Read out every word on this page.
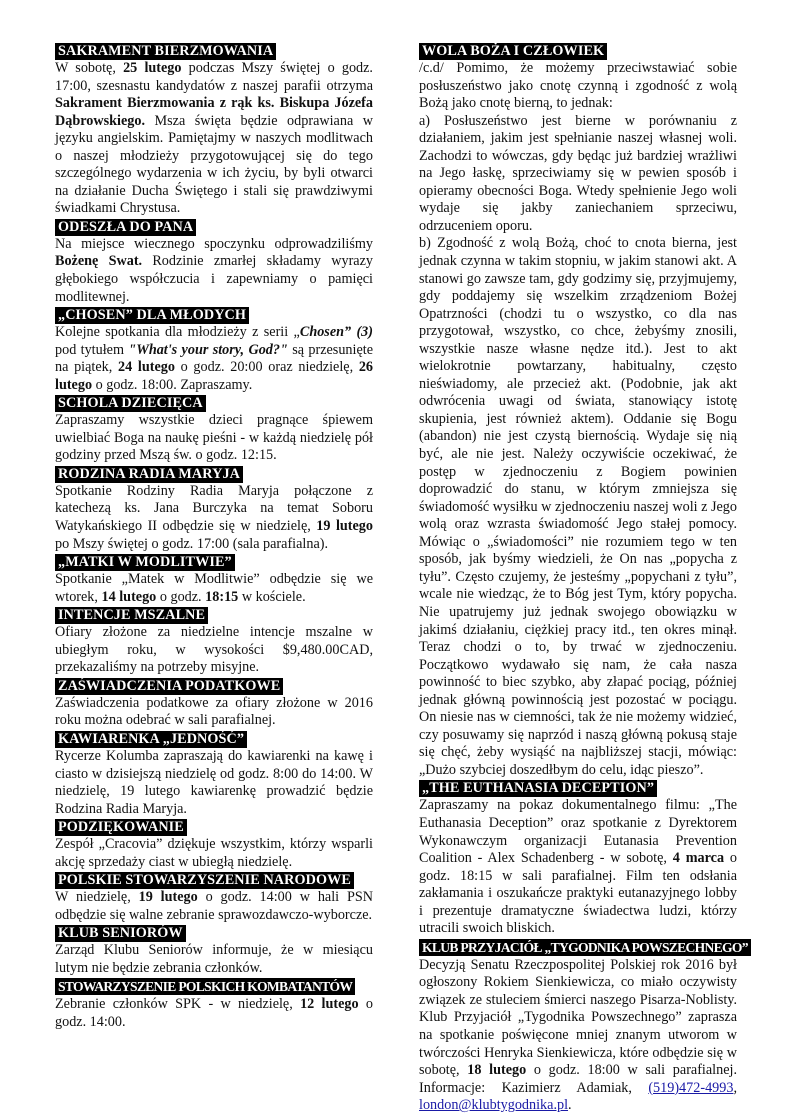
SAKRAMENT BIERZMOWANIA

W sobotę, 25 lutego podczas Mszy świętej o godz. 17:00, szesnastu kandydatów z naszej parafii otrzyma Sakrament Bierzmowania z rąk ks. Biskupa Józefa Dąbrowskiego. Msza święta będzie odprawiana w języku angielskim. Pamiętajmy w naszych modlitwach o naszej młodzieży przygotowującej się do tego szczególnego wydarzenia w ich życiu, by byli otwarci na działanie Ducha Świętego i stali się prawdziwymi świadkami Chrystusa.

ODESZŁA DO PANA

Na miejsce wiecznego spoczynku odprowadziliśmy Bożenę Swat. Rodzinie zmarłej składamy wyrazy głębokiego współczucia i zapewniamy o pamięci modlitewnej.

„CHOSEN” DLA MŁODYCH

Kolejne spotkania dla młodzieży z serii „Chosen” (3) pod tytułem "What's your story, God?" są przesunięte na piątek, 24 lutego o godz. 20:00 oraz niedzielę, 26 lutego o godz. 18:00. Zapraszamy.

SCHOLA DZIECIĘCA

Zapraszamy wszystkie dzieci pragnące śpiewem uwielbiać Boga na naukę pieśni - w każdą niedzielę pół godziny przed Mszą św. o godz. 12:15.

RODZINA RADIA MARYJA

Spotkanie Rodziny Radia Maryja połączone z katechezą ks. Jana Burczyka na temat Soboru Watykańskiego II odbędzie się w niedzielę, 19 lutego po Mszy świętej o godz. 17:00 (sala parafialna).

„MATKI W MODLITWIE”

Spotkanie „Matek w Modlitwie” odbędzie się we wtorek, 14 lutego o godz. 18:15 w kościele.

INTENCJE MSZALNE

Ofiary złożone za niedzielne intencje mszalne w ubiegłym roku, w wysokości $9,480.00CAD, przekazaliśmy na potrzeby misyjne.

ZAŚWIADCZENIA PODATKOWE

Zaświadczenia podatkowe za ofiary złożone w 2016 roku można odebrać w sali parafialnej.

KAWIARENKA „JEDNOŚĆ”

Rycerze Kolumba zapraszają do kawiarenki na kawę i ciasto w dzisiejszą niedzielę od godz. 8:00 do 14:00. W niedzielę, 19 lutego kawiarenkę prowadzić będzie Rodzina Radia Maryja.

PODZIĘKOWANIE

Zespół „Cracovia” dziękuje wszystkim, którzy wsparli akcję sprzedaży ciast w ubiegłą niedzielę.

POLSKIE STOWARZYSZENIE NARODOWE

W niedzielę, 19 lutego o godz. 14:00 w hali PSN odbędzie się walne zebranie sprawozdawczo-wyborcze.

KLUB SENIORÓW

Zarząd Klubu Seniorów informuje, że w miesiącu lutym nie będzie zebrania członków.

STOWARZYSZENIE POLSKICH KOMBATANTÓW

Zebranie członków SPK - w niedzielę, 12 lutego o godz. 14:00.

WOLA BOŻA I CZŁOWIEK

/c.d/ Pomimo, że możemy przeciwstawiać sobie posłuszeństwo jako cnotę czynną i zgodność z wolą Bożą jako cnotę bierną, to jednak:
a) Posłuszeństwo jest bierne w porównaniu z działaniem, jakim jest spełnianie naszej własnej woli. Zachodzi to wówczas, gdy będąc już bardziej wrażliwi na Jego łaskę, sprzeciwiamy się w pewien sposób i opieramy obecności Boga. Wtedy spełnienie Jego woli wydaje się jakby zaniechaniem sprzeciwu, odrzuceniem oporu.
b) Zgodność z wolą Bożą, choć to cnota bierna, jest jednak czynna w takim stopniu, w jakim stanowi akt. A stanowi go zawsze tam, gdy godzimy się, przyjmujemy, gdy poddajemy się wszelkim zrządzeniom Bożej Opatrzności (chodzi tu o wszystko, co dla nas przygotował, wszystko, co chce, żebyśmy znosili, wszystkie nasze własne nędze itd.). Jest to akt wielokrotnie powtarzany, habitualny, często nieświadomy, ale przecież akt. (Podobnie, jak akt odwrócenia uwagi od świata, stanowiący istotę skupienia, jest również aktem). Oddanie się Bogu (abandon) nie jest czystą biernością. Wydaje się nią być, ale nie jest. Należy oczywiście oczekiwać, że postęp w zjednoczeniu z Bogiem powinien doprowadzić do stanu, w którym zmniejsza się świadomość wysiłku w zjednoczeniu naszej woli z Jego wolą oraz wzrasta świadomość Jego stałej pomocy. Mówiąc o „świadomości” nie rozumiem tego w ten sposób, jak byśmy wiedzieli, że On nas „popycha z tyłu”. Często czujemy, że jesteśmy „popychani z tyłu”, wcale nie wiedząc, że to Bóg jest Tym, który popycha. Nie upatrujemy już jednak swojego obowiązku w jakimś działaniu, ciężkiej pracy itd., ten okres minął. Teraz chodzi o to, by trwać w zjednoczeniu. Początkowo wydawało się nam, że cała nasza powinność to biec szybko, aby złapać pociąg, później jednak główną powinnością jest pozostać w pociągu. On niesie nas w ciemności, tak że nie możemy widzieć, czy posuwamy się naprzód i naszą główną pokusą staje się chęć, żeby wysiąść na najbliższej stacji, mówiąc: „Dużo szybciej doszedłbym do celu, idąc pieszo”.

„THE EUTHANASIA DECEPTION”

Zapraszamy na pokaz dokumentalnego filmu: „The Euthanasia Deception” oraz spotkanie z Dyrektorem Wykonawczym organizacji Eutanasia Prevention Coalition - Alex Schadenberg - w sobotę, 4 marca o godz. 18:15 w sali parafialnej. Film ten odsłania zakłamania i oszukańcze praktyki eutanazyjnego lobby i prezentuje dramatyczne świadectwa ludzi, którzy utracili swoich bliskich.

KLUB PRZYJACIÓŁ „TYGODNIKA POWSZECHNEGO”

Decyzją Senatu Rzeczpospolitej Polskiej rok 2016 był ogłoszony Rokiem Sienkiewicza, co miało oczywisty związek ze stuleciem śmierci naszego Pisarza-Noblisty. Klub Przyjaciół „Tygodnika Powszechnego” zaprasza na spotkanie poświęcone mniej znanym utworom w twórczości Henryka Sienkiewicza, które odbędzie się w sobotę, 18 lutego o godz. 18:00 w sali parafialnej. Informacje: Kazimierz Adamiak, (519)472-4993, london@klubtygodnika.pl.
